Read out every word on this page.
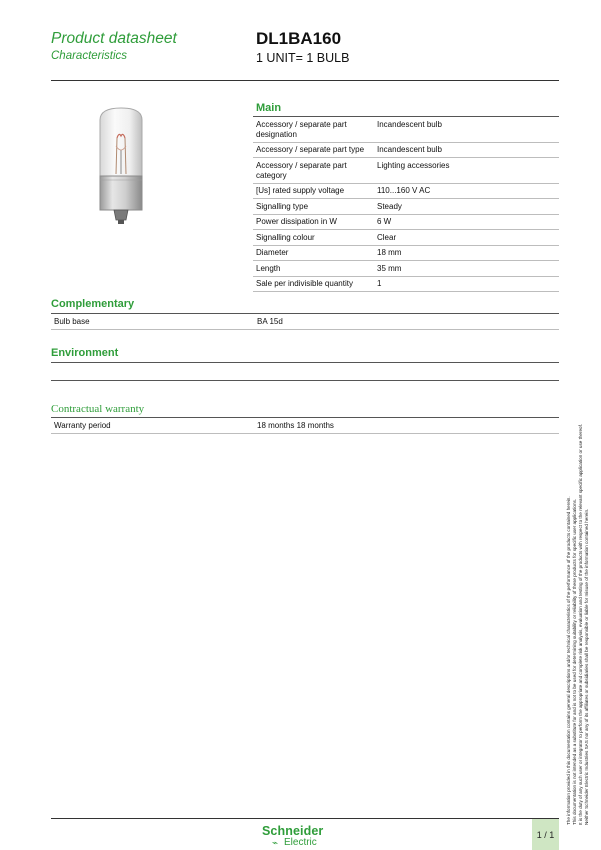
Product datasheet
Characteristics
DL1BA160
1 UNIT= 1 BULB
Main
Accessory / separate part designation	Incandescent bulb
Accessory / separate part type	Incandescent bulb
Accessory / separate part category	Lighting accessories
[Us] rated supply voltage	110...160 V AC
Signalling type	Steady
Power dissipation in W	6 W
Signalling colour	Clear
Diameter	18 mm
Length	35 mm
Sale per indivisible quantity	1
Complementary
Bulb base	BA 15d
Environment
Contractual warranty
Warranty period	18 months 18 months
The information provided in this documentation contains general descriptions and/or technical characteristics of the performance of the products contained herein. This documentation is not intended as a substitute for and is not to be used for determining suitability or reliability of these products for specific user applications. It is the duty of any such user or integrator to perform the appropriate and complete risk analysis, evaluation and testing of the products with respect to the relevant specific application or use thereof. Neither Schneider Electric Industries SAS nor any of its affiliates or subsidiaries shall be responsible or liable for misuse of the information contained herein.
Schneider
⌁ Electric
1 / 1
